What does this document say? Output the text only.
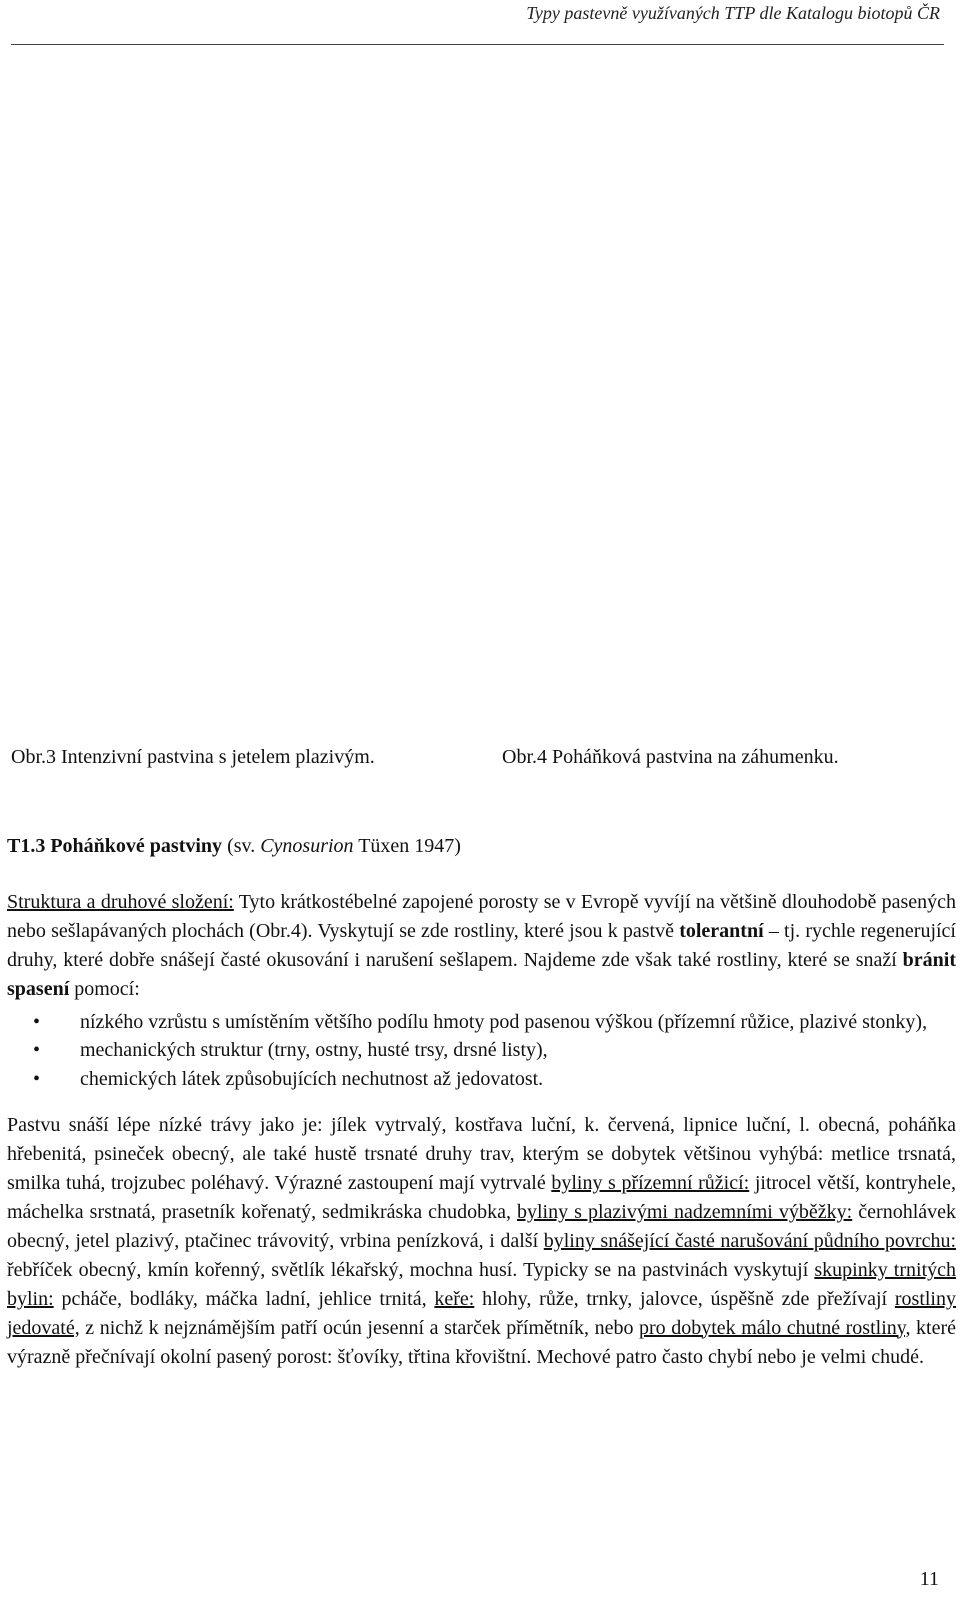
Typy pastevně využívaných TTP dle Katalogu biotopů ČR
Obr.3 Intenzivní pastvina s jetelem plazivým.	Obr.4 Poháňková pastvina na záhumenku.
T1.3 Poháňkové pastviny (sv. Cynosurion Tüxen 1947)

Struktura a druhové složení: Tyto krátkostébelné zapojené porosty se v Evropě vyvíjí na většině dlouhodobě pasených nebo sešlapávaných plochách (Obr.4). Vyskytují se zde rostliny, které jsou k pastvě tolerantní – tj. rychle regenerující druhy, které dobře snášejí časté okusování i narušení sešlapem. Najdeme zde však také rostliny, které se snaží bránit spasení pomocí:

• nízkého vzrůstu s umístěním většího podílu hmoty pod pasenou výškou (přízemní růžice, plazivé stonky),
• mechanických struktur (trny, ostny, husté trsy, drsné listy),
• chemických látek způsobujících nechutnost až jedovatost.

Pastvu snáší lépe nízké trávy jako je: jílek vytrvalý, kostřava luční, k. červená, lipnice luční, l. obecná, poháňka hřebenitá, psineček obecný, ale také hustě trsnaté druhy trav, kterým se dobytek většinou vyhýbá: metlice trsnatá, smilka tuhá, trojzubec poléhavý. Výrazné zastoupení mají vytrvalé byliny s přízemní růžicí: jitrocel větší, kontryhele, máchelka srstnatá, prasetník kořenatý, sedmikráska chudobka, byliny s plazivými nadzemními výběžky: černohlávek obecný, jetel plazivý, ptačinec trávovitý, vrbina penízková, i další byliny snášející časté narušování půdního povrchu: řebříček obecný, kmín kořenný, světlík lékařský, mochna husí. Typicky se na pastvinách vyskytují skupinky trnitých bylin: pcháče, bodláky, máčka ladní, jehlice trnitá, keře: hlohy, růže, trnky, jalovce, úspěšně zde přežívají rostliny jedovaté, z nichž k nejznámějším patří ocún jesenní a starček přímětník, nebo pro dobytek málo chutné rostliny, které výrazně přečnívají okolní pasený porost: šťovíky, třtina křovištní. Mechové patro často chybí nebo je velmi chudé.

11
